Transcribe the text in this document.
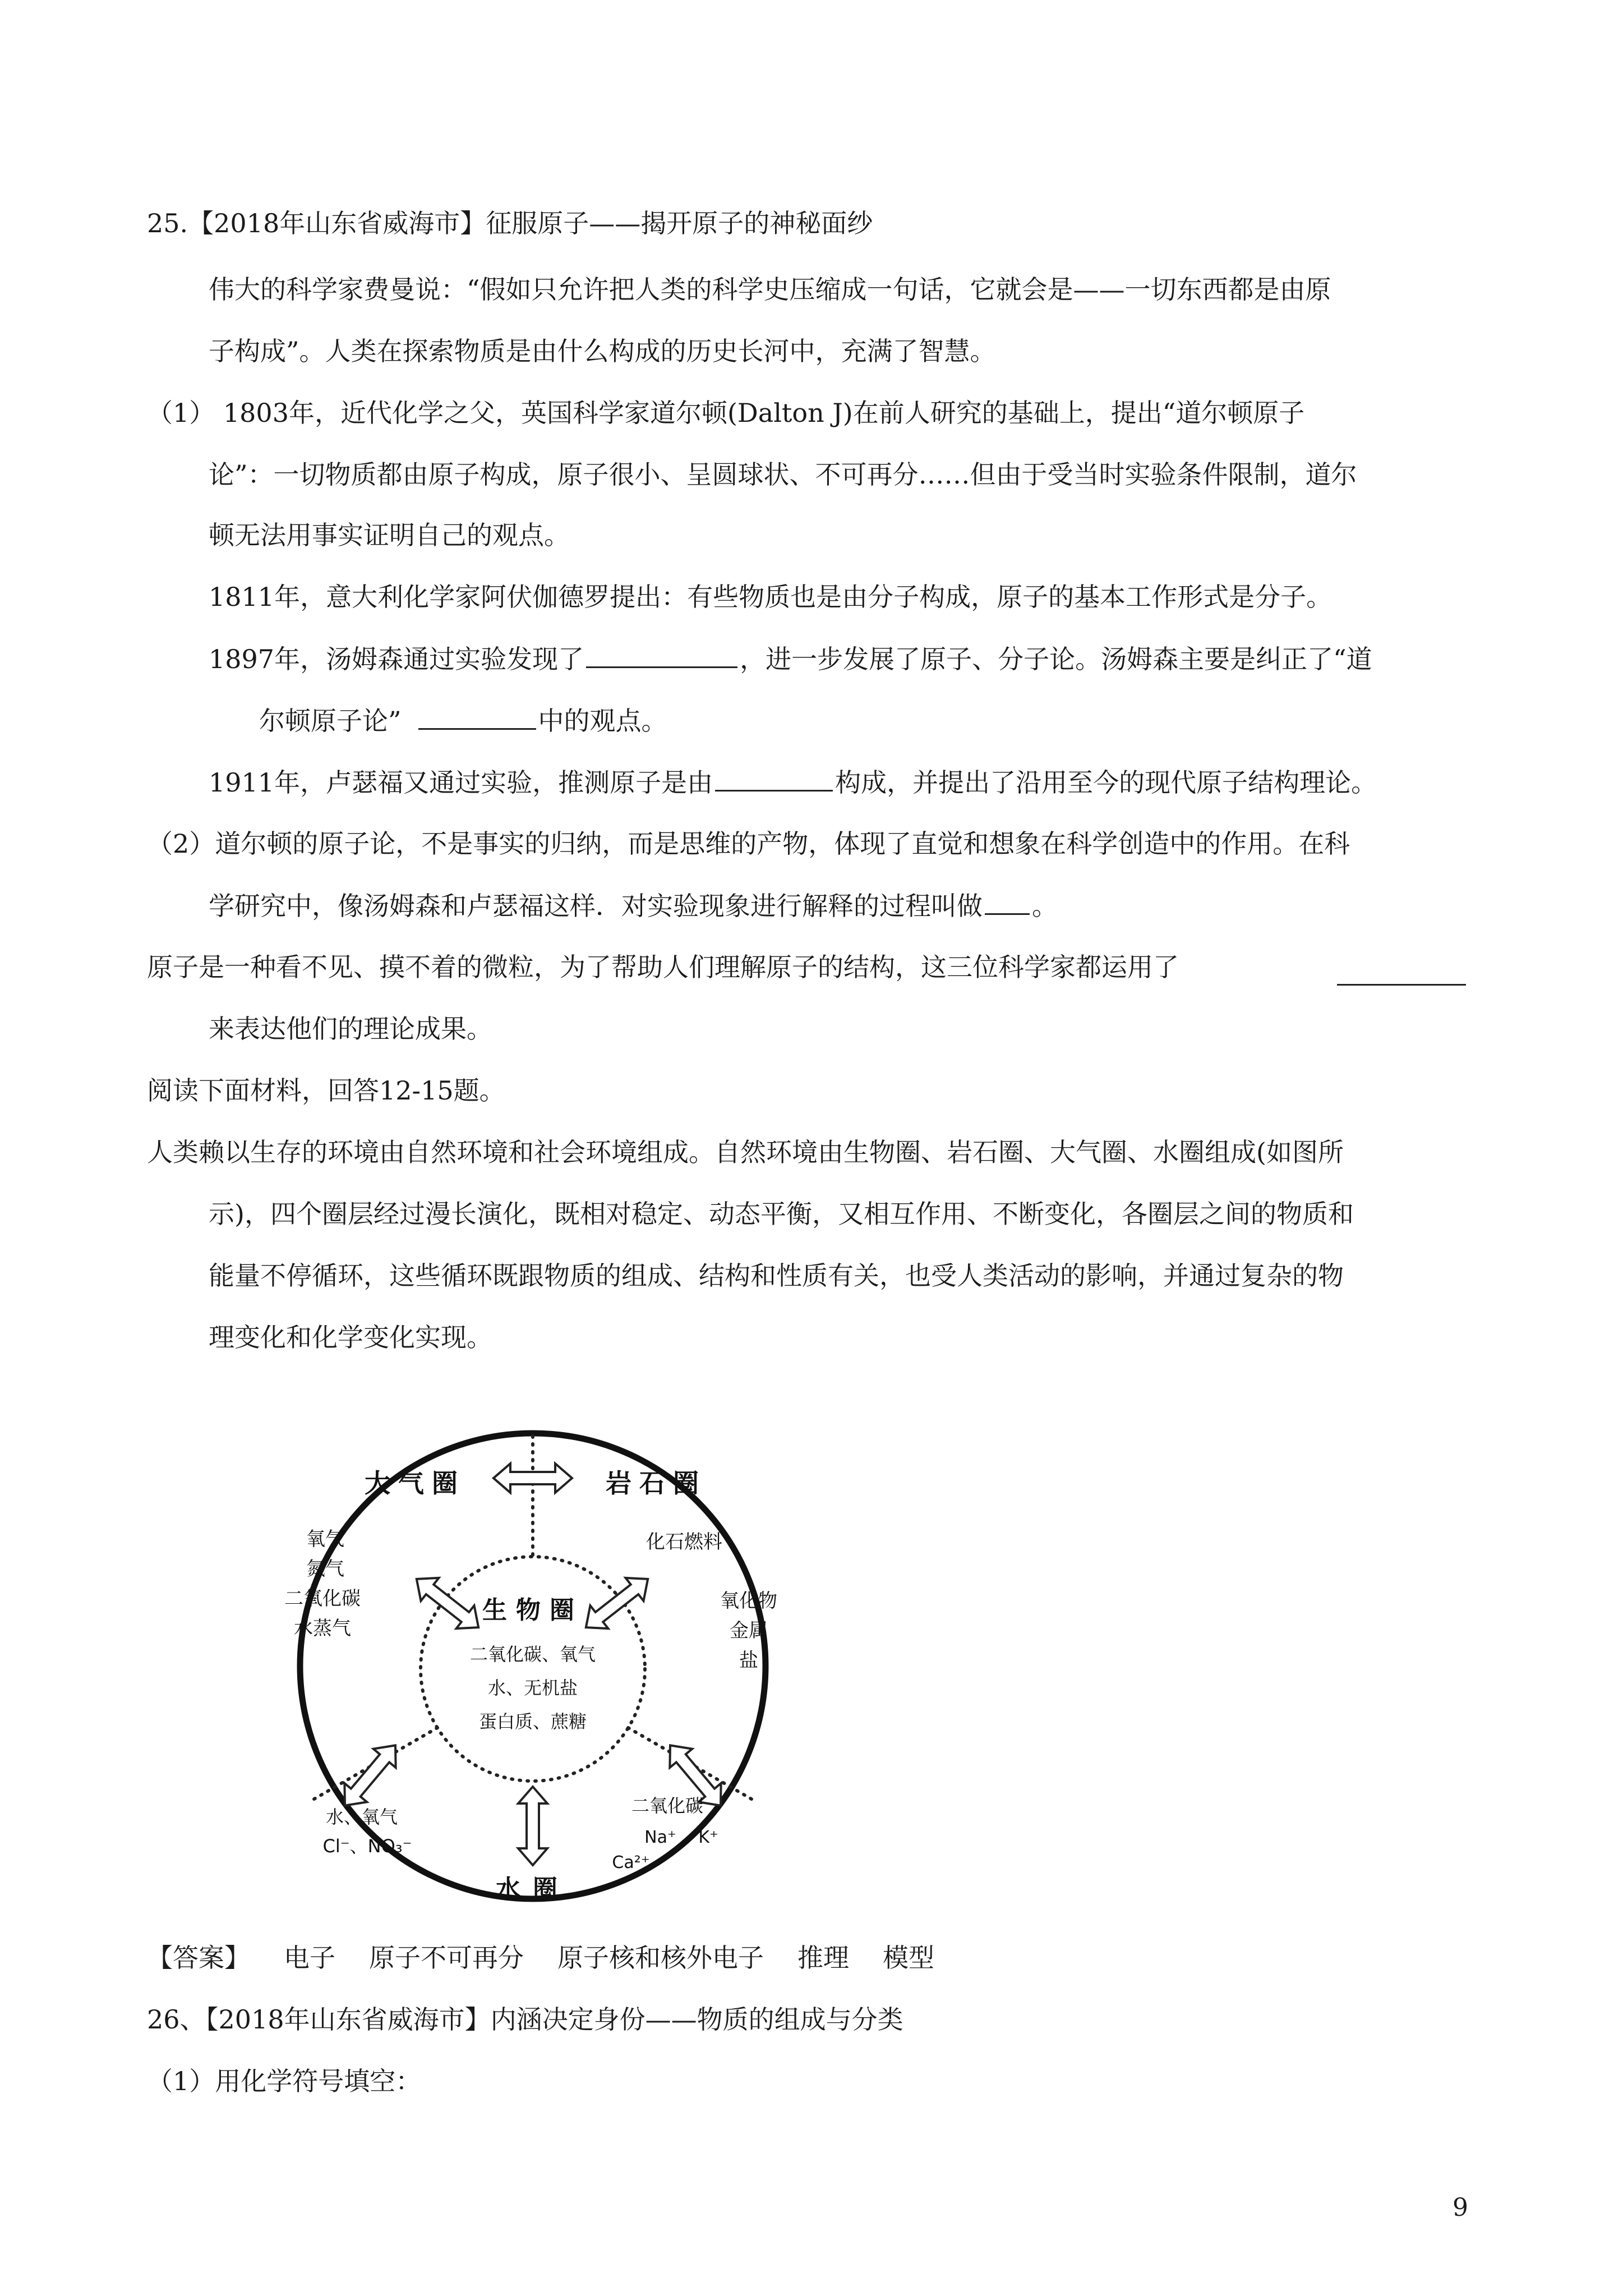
25.【2018年山东省威海市】征服原子——揭开原子的神秘面纱
伟大的科学家费曼说：“假如只允许把人类的科学史压缩成一句话，它就会是——一切东西都是由原
子构成”。人类在探索物质是由什么构成的历史长河中，充满了智慧。
（1） 1803年，近代化学之父，英国科学家道尔顿(Dalton J)在前人研究的基础上，提出“道尔顿原子
论”：一切物质都由原子构成，原子很小、呈圆球状、不可再分……但由于受当时实验条件限制，道尔
顿无法用事实证明自己的观点。
1811年，意大利化学家阿伏伽德罗提出：有些物质也是由分子构成，原子的基本工作形式是分子。
1897年，汤姆森通过实验发现了	，进一步发展了原子、分子论。汤姆森主要是纠正了“道
尔顿原子论”	中的观点。
1911年，卢瑟福又通过实验，推测原子是由	构成，并提出了沿用至今的现代原子结构理论。
（2）道尔顿的原子论，不是事实的归纳，而是思维的产物，体现了直觉和想象在科学创造中的作用。在科
学研究中，像汤姆森和卢瑟福这样．对实验现象进行解释的过程叫做 。
原子是一种看不见、摸不着的微粒，为了帮助人们理解原子的结构，这三位科学家都运用了
来表达他们的理论成果。
阅读下面材料，回答12-15题。
人类赖以生存的环境由自然环境和社会环境组成。自然环境由生物圈、岩石圈、大气圈、水圈组成(如图所
示)，四个圈层经过漫长演化，既相对稳定、动态平衡，又相互作用、不断变化，各圈层之间的物质和
能量不停循环，这些循环既跟物质的组成、结构和性质有关，也受人类活动的影响，并通过复杂的物
理变化和化学变化实现。
大气圈	岩石圈
生物圈
水圈
氧气
氮气
二氧化碳
水蒸气
化石燃料
氧化物
金属
盐
二氧化碳、氧气
水、无机盐
蛋白质、蔗糖
水、氧气
Cl⁻、NO₃⁻
二氧化碳
Na⁺ 、K⁺
Ca²⁺
【答案】 电子 原子不可再分 原子核和核外电子 推理 模型
26、【2018年山东省威海市】内涵决定身份——物质的组成与分类
（1）用化学符号填空：
9
